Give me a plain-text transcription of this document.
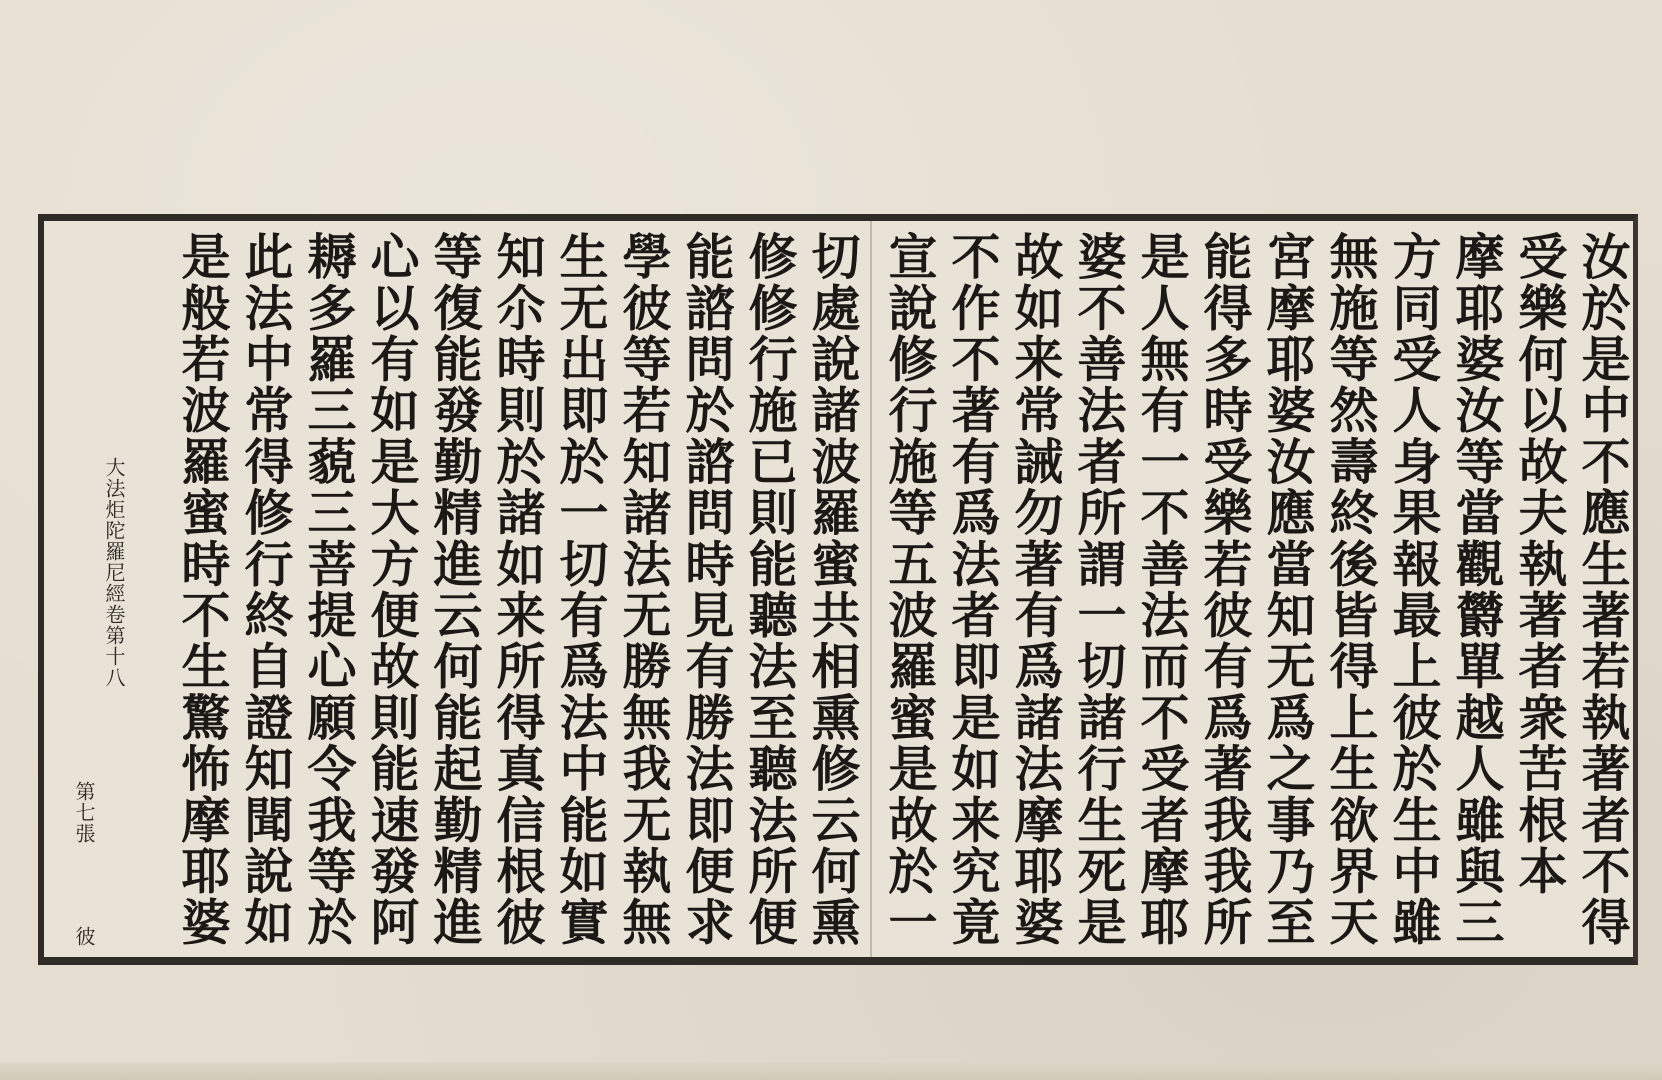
汝於是中不應生著若執著者不得
受樂何以故夫執著者衆苦根本
摩耶婆汝等當觀欝單越人雖與三
方同受人身果報最上彼於生中雖
無施等然壽終後皆得上生欲界天
宮摩耶婆汝應當知无爲之事乃至
能得多時受樂若彼有爲著我我所
是人無有一不善法而不受者摩耶
婆不善法者所謂一切諸行生死是
故如来常誡勿著有爲諸法摩耶婆
不作不著有爲法者即是如来究竟
宣說修行施等五波羅蜜是故於一
切處說諸波羅蜜共相熏修云何熏
修修行施已則能聽法至聽法所便
能諮問於諮問時見有勝法即便求
學彼等若知諸法无勝無我无執無
生无出即於一切有爲法中能如實
知尒時則於諸如来所得真信根彼
等復能發勤精進云何能起勤精進
心以有如是大方便故則能速發阿
耨多羅三藐三菩提心願令我等於
此法中常得修行終自證知聞說如
是般若波羅蜜時不生驚怖摩耶婆
大法炬陀羅尼經卷第十八
第七張
彼
